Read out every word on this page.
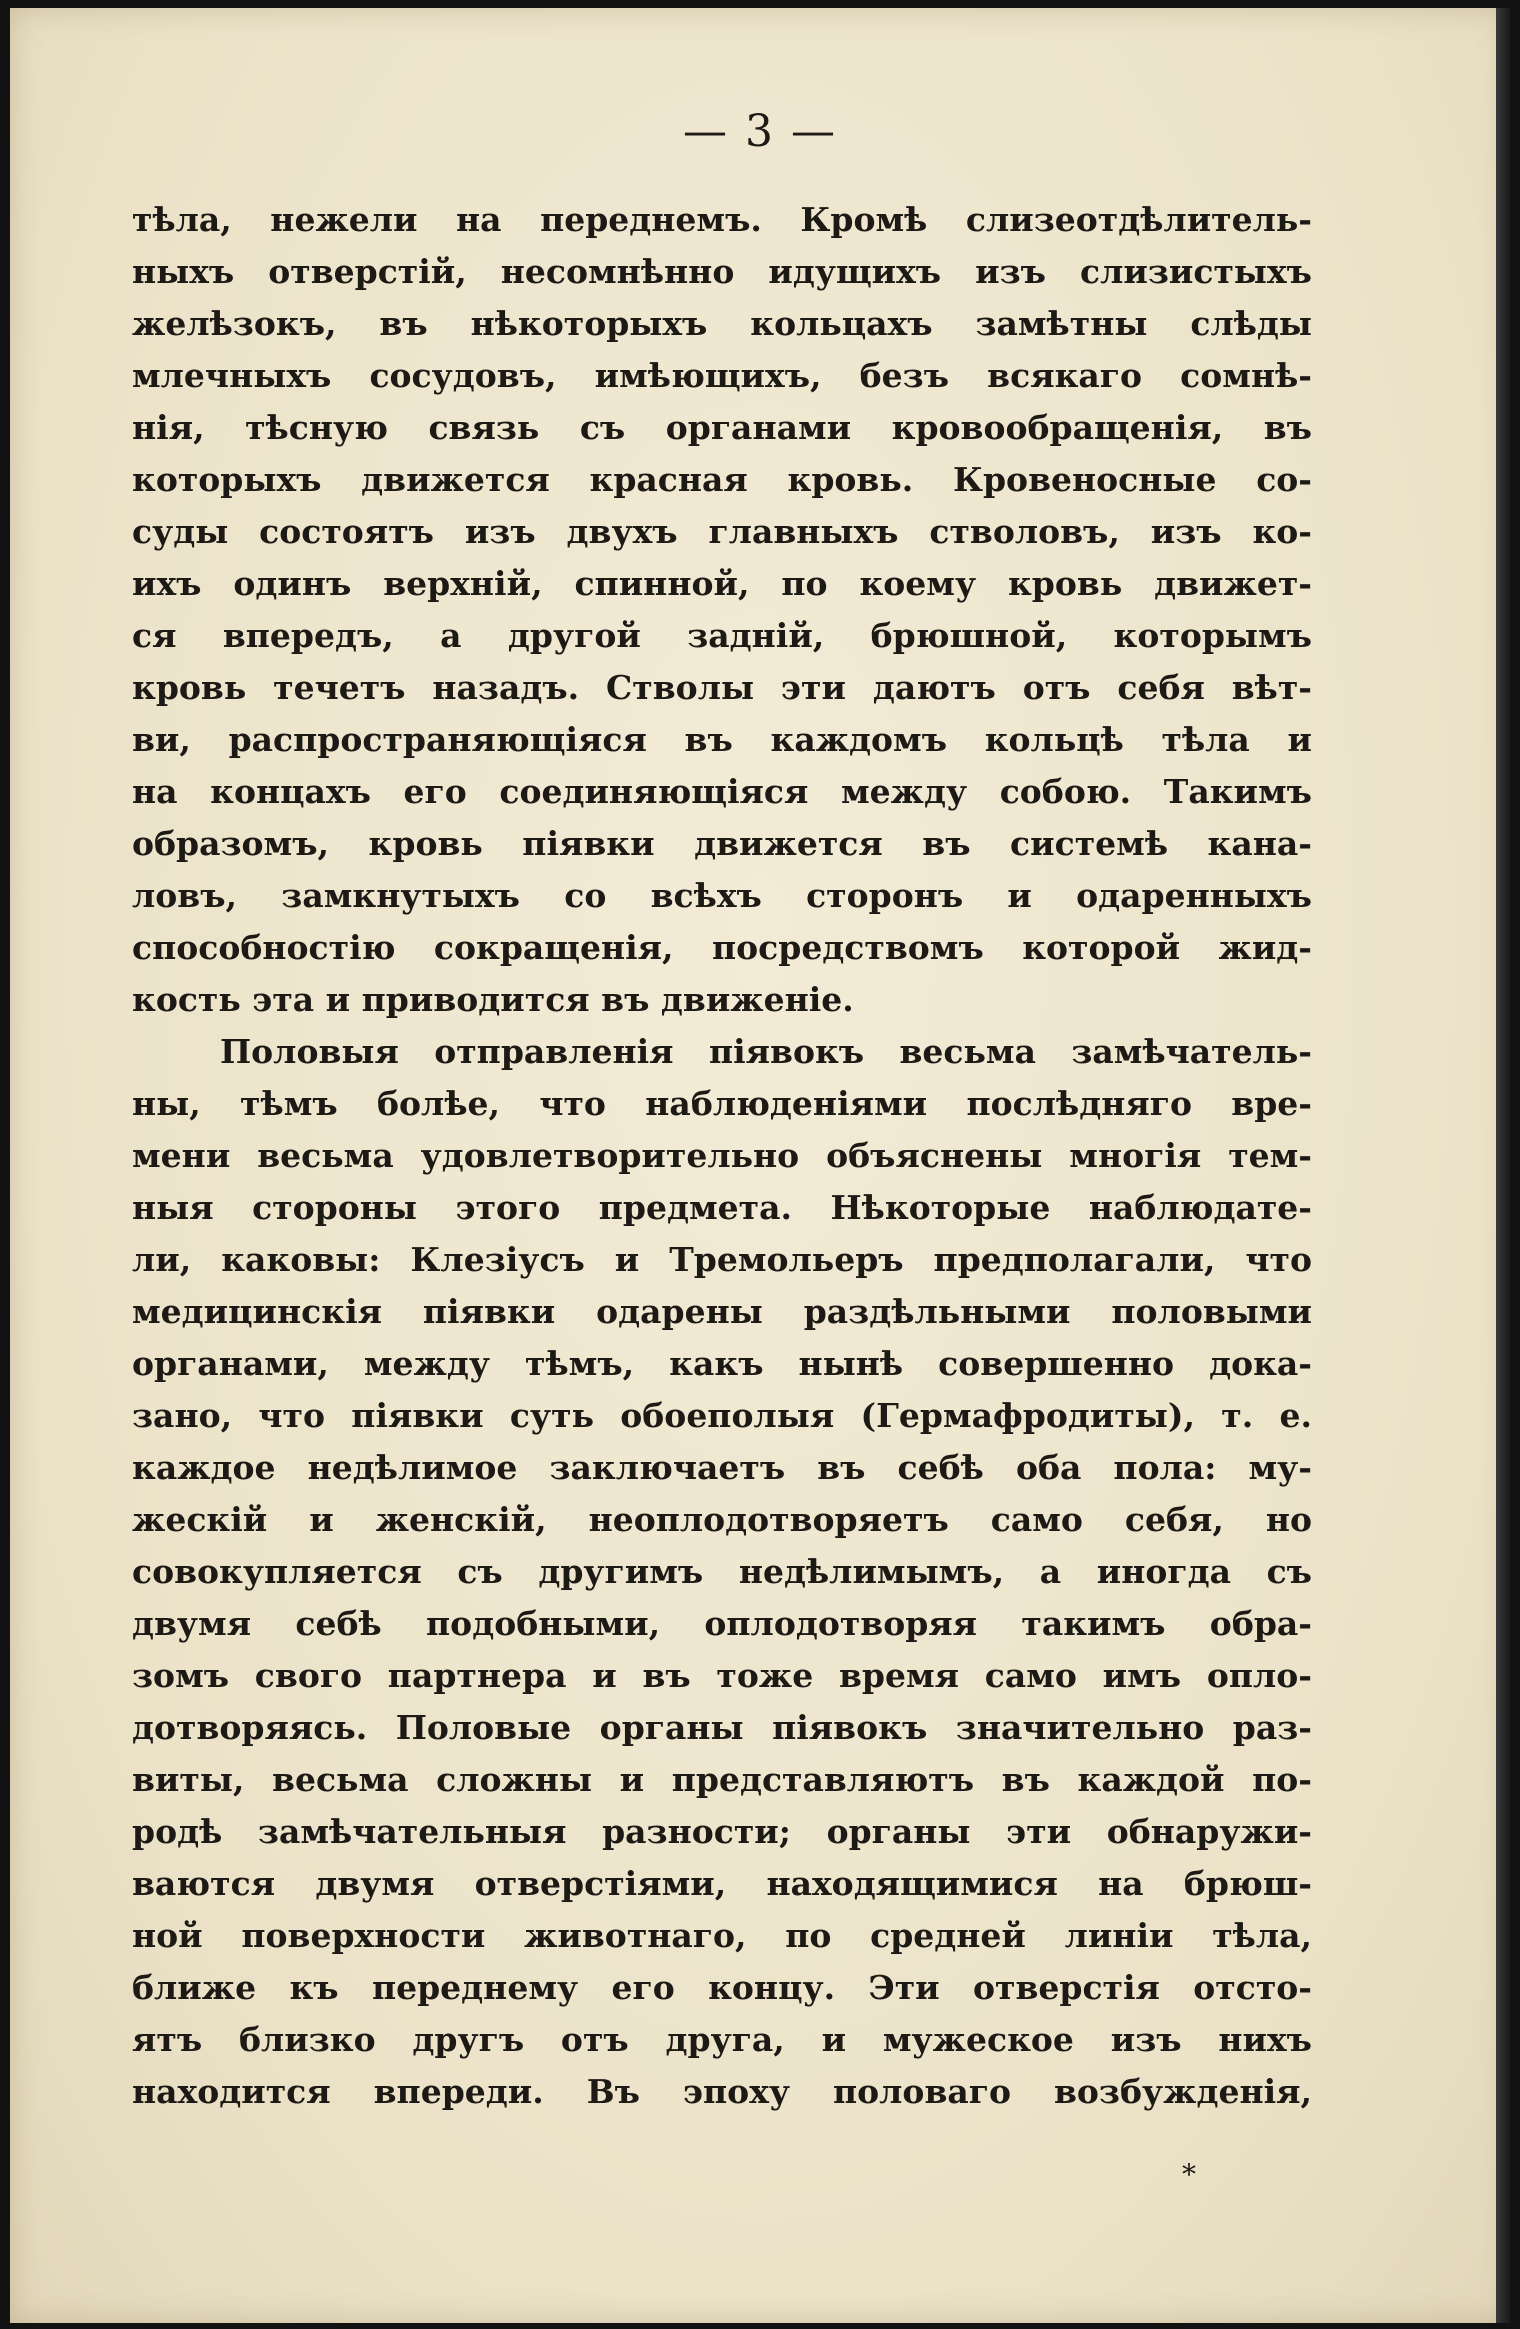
— 3 —
тѣла, нежели на переднемъ. Кромѣ слизеотдѣлитель-
ныхъ отверстій, несомнѣнно идущихъ изъ слизистыхъ
желѣзокъ, въ нѣкоторыхъ кольцахъ замѣтны слѣды
млечныхъ сосудовъ, имѣющихъ, безъ всякаго сомнѣ-
нія, тѣсную связь съ органами кровообращенія, въ
которыхъ движется красная кровь. Кровеносные со-
суды состоятъ изъ двухъ главныхъ стволовъ, изъ ко-
ихъ одинъ верхній, спинной, по коему кровь движет-
ся впередъ, а другой задній, брюшной, которымъ
кровь течетъ назадъ. Стволы эти даютъ отъ себя вѣт-
ви, распространяющіяся въ каждомъ кольцѣ тѣла и
на концахъ его соединяющіяся между собою. Такимъ
образомъ, кровь піявки движется въ системѣ кана-
ловъ, замкнутыхъ со всѣхъ сторонъ и одаренныхъ
способностію сокращенія, посредствомъ которой жид-
кость эта и приводится въ движеніе.
Половыя отправленія піявокъ весьма замѣчатель-
ны, тѣмъ болѣе, что наблюденіями послѣдняго вре-
мени весьма удовлетворительно объяснены многія тем-
ныя стороны этого предмета. Нѣкоторые наблюдате-
ли, каковы: Клезіусъ и Тремольеръ предполагали, что
медицинскія піявки одарены раздѣльными половыми
органами, между тѣмъ, какъ нынѣ совершенно дока-
зано, что піявки суть обоеполыя (Гермафродиты), т. е.
каждое недѣлимое заключаетъ въ себѣ оба пола: му-
жескій и женскій, неоплодотворяетъ само себя, но
совокупляется съ другимъ недѣлимымъ, а иногда съ
двумя себѣ подобными, оплодотворяя такимъ обра-
зомъ свого партнера и въ тоже время само имъ опло-
дотворяясь. Половые органы піявокъ значительно раз-
виты, весьма сложны и представляютъ въ каждой по-
родѣ замѣчательныя разности; органы эти обнаружи-
ваются двумя отверстіями, находящимися на брюш-
ной поверхности животнаго, по средней линіи тѣла,
ближе къ переднему его концу. Эти отверстія отсто-
ятъ близко другъ отъ друга, и мужеское изъ нихъ
находится впереди. Въ эпоху половаго возбужденія,
*
